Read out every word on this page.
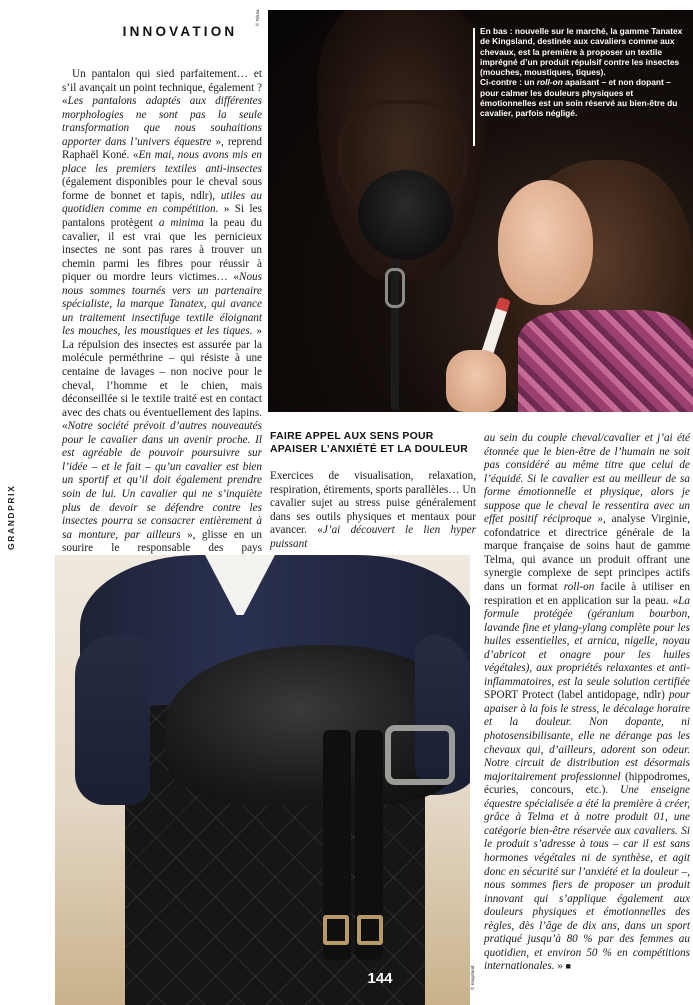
INNOVATION

Un pantalon qui sied parfaitement… et s’il avançait un point technique, également ? «Les pantalons adaptés aux différentes morphologies ne sont pas la seule transformation que nous souhaitions apporter dans l’univers équestre », reprend Raphaël Koné. «En mai, nous avons mis en place les premiers textiles anti-insectes (également disponibles pour le cheval sous forme de bonnet et tapis, ndlr), utiles au quotidien comme en compétition. » Si les pantalons protègent a minima la peau du cavalier, il est vrai que les pernicieux insectes ne sont pas rares à trouver un chemin parmi les fibres pour réussir à piquer ou mordre leurs victimes… «Nous nous sommes tournés vers un partenaire spécialiste, la marque Tanatex, qui avance un traitement insectifuge textile éloignant les mouches, les moustiques et les tiques. » La répulsion des insectes est assurée par la molécule perméthrine – qui résiste à une centaine de lavages – non nocive pour le cheval, l’homme et le chien, mais déconseillée si le textile traité est en contact avec des chats ou éventuellement des lapins. «Notre société prévoit d’autres nouveautés pour le cavalier dans un avenir proche. Il est agréable de pouvoir poursuivre sur l’idée – et le fait – qu’un cavalier est bien un sportif et qu’il doit également prendre soin de lui. Un cavalier qui ne s’inquiète plus de devoir se défendre contre les insectes pourra se consacrer entièrement à sa monture, par ailleurs », glisse en un sourire le responsable des pays

GRANDPRIX

En bas : nouvelle sur le marché, la gamme Tanatex de Kingsland, destinée aux cavaliers comme aux chevaux, est la première à proposer un textile imprégné d’un produit répulsif contre les insectes (mouches, moustiques, tiques).

Ci-contre : un roll-on apaisant – et non dopant – pour calmer les douleurs physiques et émotionnelles est un soin réservé au bien-être du cavalier, parfois négligé.

© Telma
FAIRE APPEL AUX SENS POUR APAISER L’ANXIÉTÉ ET LA DOULEUR

Exercices de visualisation, relaxation, respiration, étirements, sports parallèles… Un cavalier sujet au stress puise généralement dans ses outils physiques et mentaux pour avancer. «J’ai découvert le lien hyper puissant

au sein du couple cheval/cavalier et j’ai été étonnée que le bien-être de l’humain ne soit pas considéré au même titre que celui de l’équidé. Si le cavalier est au meilleur de sa forme émotionnelle et physique, alors je suppose que le cheval le ressentira avec un effet positif réciproque », analyse Virginie, cofondatrice et directrice générale de la marque française de soins haut de gamme Telma, qui avance un produit offrant une synergie complexe de sept principes actifs dans un format roll-on facile à utiliser en respiration et en application sur la peau. «La formule protégée (géranium bourbon, lavande fine et ylang-ylang complète pour les huiles essentielles, et arnica, nigelle, noyau d’abricot et onagre pour les huiles végétales), aux propriétés relaxantes et anti-inflammatoires, est la seule solution certifiée SPORT Protect (label antidopage, ndlr) pour apaiser à la fois le stress, le décalage horaire et la douleur. Non dopante, ni photosensibilisante, elle ne dérange pas les chevaux qui, d’ailleurs, adorent son odeur. Notre circuit de distribution est désormais majoritairement professionnel (hippodromes, écuries, concours, etc.). Une enseigne équestre spécialisée a été la première à créer, grâce à Telma et à notre produit 01, une catégorie bien-être réservée aux cavaliers. Si le produit s’adresse à tous – car il est sans hormones végétales ni de synthèse, et agit donc en sécurité sur l’anxiété et la douleur –, nous sommes fiers de proposer un produit innovant qui s’applique également aux douleurs physiques et émotionnelles des règles, dès l’âge de dix ans, dans un sport pratiqué jusqu’à 80 % par des femmes au quotidien, et environ 50 % en compétitions internationales. » ■

© Kingsland
144
